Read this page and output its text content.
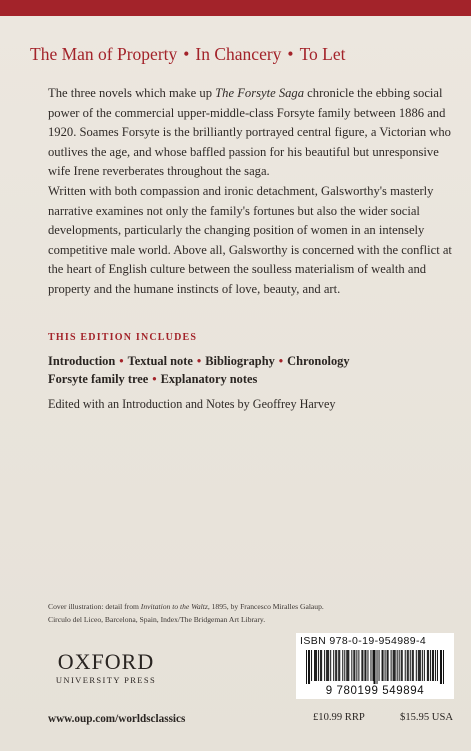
The Man of Property • In Chancery • To Let

The three novels which make up The Forsyte Saga chronicle the ebbing social power of the commercial upper-middle-class Forsyte family between 1886 and 1920. Soames Forsyte is the brilliantly portrayed central figure, a Victorian who outlives the age, and whose baffled passion for his beautiful but unresponsive wife Irene reverberates throughout the saga.

Written with both compassion and ironic detachment, Galsworthy's masterly narrative examines not only the family's fortunes but also the wider social developments, particularly the changing position of women in an intensely competitive male world. Above all, Galsworthy is concerned with the conflict at the heart of English culture between the soulless materialism of wealth and property and the humane instincts of love, beauty, and art.

THIS EDITION INCLUDES
Introduction • Textual note • Bibliography • Chronology
Forsyte family tree • Explanatory notes
Edited with an Introduction and Notes by Geoffrey Harvey
Cover illustration: detail from Invitation to the Waltz, 1895, by Francesco Miralles Galaup.
Circulo del Liceo, Barcelona, Spain, Index/The Bridgeman Art Library.
OXFORD
UNIVERSITY PRESS
www.oup.com/worldsclassics
ISBN 978-0-19-954989-4
9 780199 549894
£10.99 RRP	$15.95 USA
